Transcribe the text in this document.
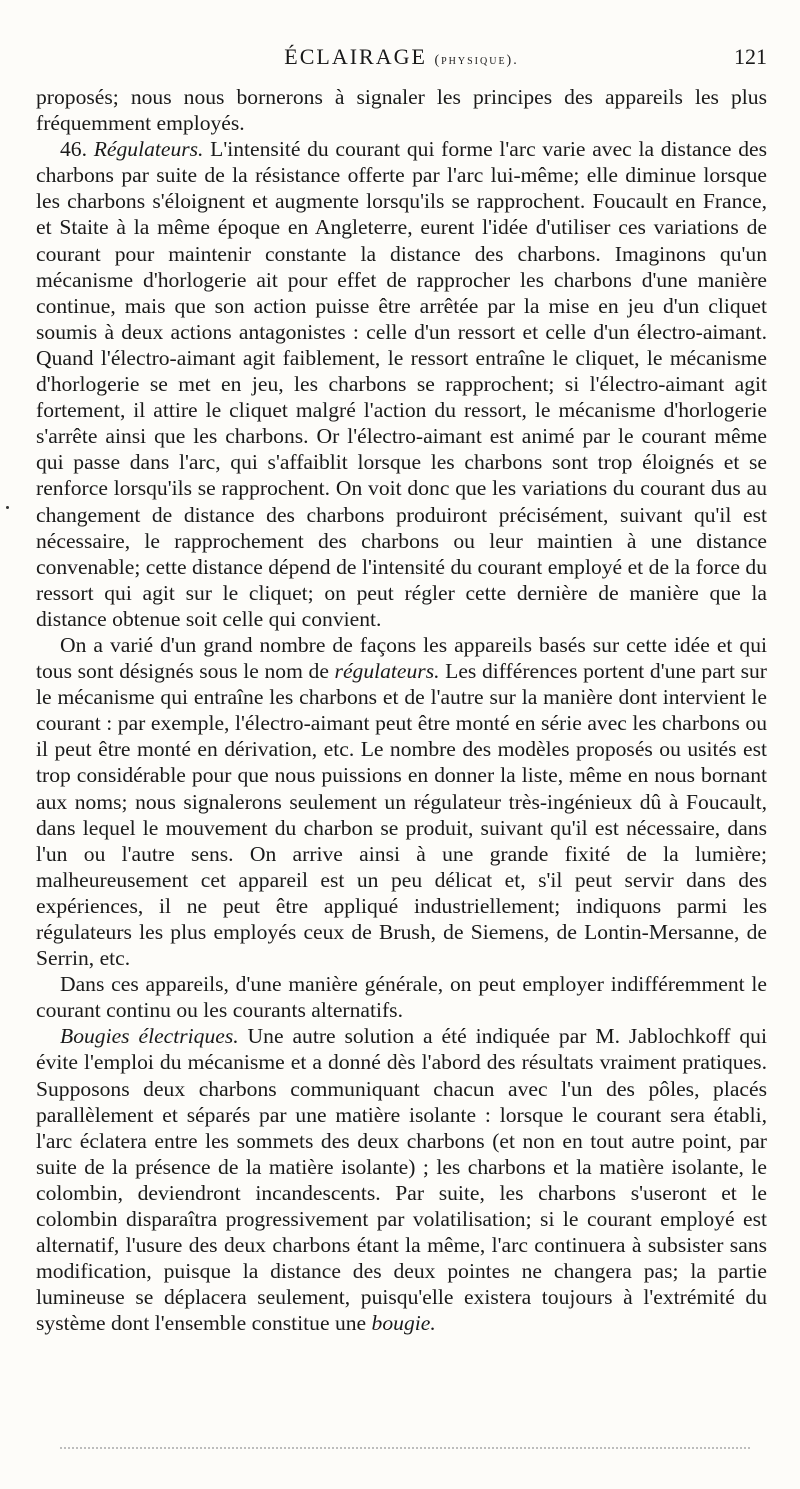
ÉCLAIRAGE (physique).	121

proposés; nous nous bornerons à signaler les principes des appareils les plus fréquemment employés.

46. Régulateurs. L'intensité du courant qui forme l'arc varie avec la distance des charbons par suite de la résistance offerte par l'arc lui-même; elle diminue lorsque les charbons s'éloignent et augmente lorsqu'ils se rapprochent. Foucault en France, et Staite à la même époque en Angleterre, eurent l'idée d'utiliser ces variations de courant pour maintenir constante la distance des charbons. Imaginons qu'un mécanisme d'horlogerie ait pour effet de rapprocher les charbons d'une manière continue, mais que son action puisse être arrêtée par la mise en jeu d'un cliquet soumis à deux actions antagonistes : celle d'un ressort et celle d'un électro-aimant. Quand l'électro-aimant agit faiblement, le ressort entraîne le cliquet, le mécanisme d'horlogerie se met en jeu, les charbons se rapprochent; si l'électro-aimant agit fortement, il attire le cliquet malgré l'action du ressort, le mécanisme d'horlogerie s'arrête ainsi que les charbons. Or l'électro-aimant est animé par le courant même qui passe dans l'arc, qui s'affaiblit lorsque les charbons sont trop éloignés et se renforce lorsqu'ils se rapprochent. On voit donc que les variations du courant dus au changement de distance des charbons produiront précisément, suivant qu'il est nécessaire, le rapprochement des charbons ou leur maintien à une distance convenable; cette distance dépend de l'intensité du courant employé et de la force du ressort qui agit sur le cliquet; on peut régler cette dernière de manière que la distance obtenue soit celle qui convient.

On a varié d'un grand nombre de façons les appareils basés sur cette idée et qui tous sont désignés sous le nom de régulateurs. Les différences portent d'une part sur le mécanisme qui entraîne les charbons et de l'autre sur la manière dont intervient le courant : par exemple, l'électro-aimant peut être monté en série avec les charbons ou il peut être monté en dérivation, etc. Le nombre des modèles proposés ou usités est trop considérable pour que nous puissions en donner la liste, même en nous bornant aux noms; nous signalerons seulement un régulateur très-ingénieux dû à Foucault, dans lequel le mouvement du charbon se produit, suivant qu'il est nécessaire, dans l'un ou l'autre sens. On arrive ainsi à une grande fixité de la lumière; malheureusement cet appareil est un peu délicat et, s'il peut servir dans des expériences, il ne peut être appliqué industriellement; indiquons parmi les régulateurs les plus employés ceux de Brush, de Siemens, de Lontin-Mersanne, de Serrin, etc.

Dans ces appareils, d'une manière générale, on peut employer indifféremment le courant continu ou les courants alternatifs.

Bougies électriques. Une autre solution a été indiquée par M. Jablochkoff qui évite l'emploi du mécanisme et a donné dès l'abord des résultats vraiment pratiques. Supposons deux charbons communiquant chacun avec l'un des pôles, placés parallèlement et séparés par une matière isolante : lorsque le courant sera établi, l'arc éclatera entre les sommets des deux charbons (et non en tout autre point, par suite de la présence de la matière isolante) ; les charbons et la matière isolante, le colombin, deviendront incandescents. Par suite, les charbons s'useront et le colombin disparaîtra progressivement par volatilisation; si le courant employé est alternatif, l'usure des deux charbons étant la même, l'arc continuera à subsister sans modification, puisque la distance des deux pointes ne changera pas; la partie lumineuse se déplacera seulement, puisqu'elle existera toujours à l'extrémité du système dont l'ensemble constitue une bougie.
